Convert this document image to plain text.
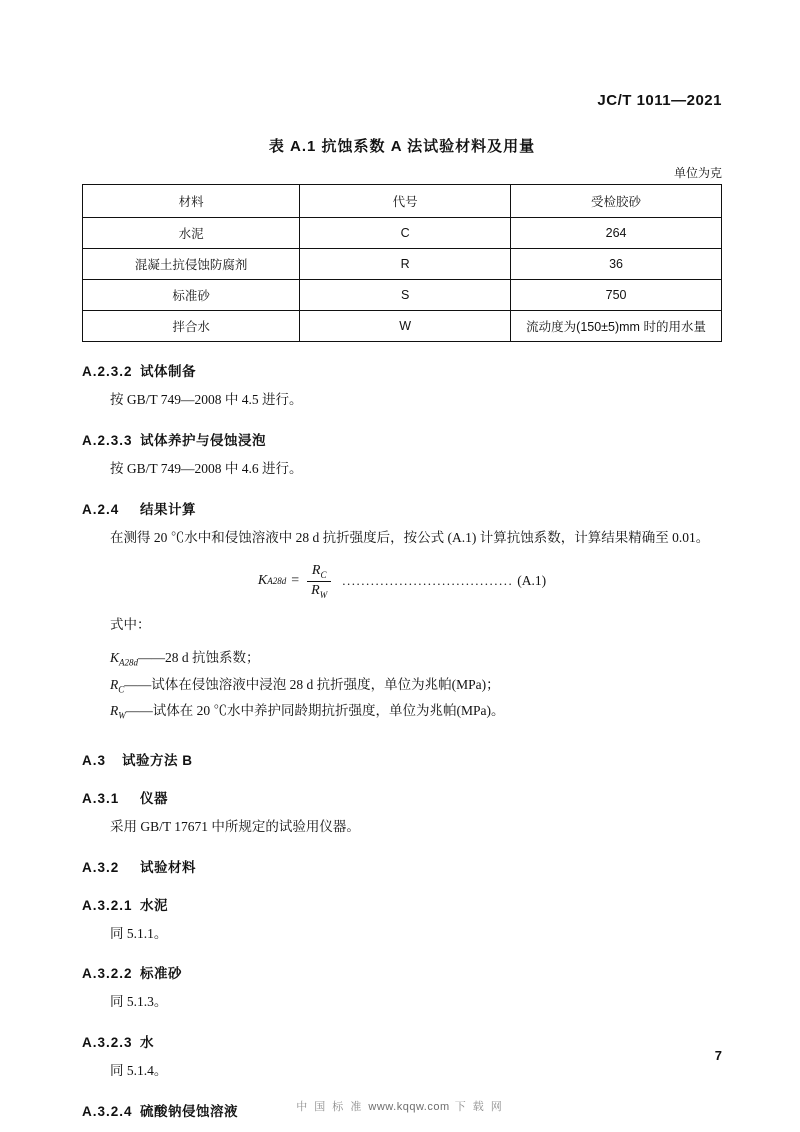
JC/T 1011—2021
表 A.1 抗蚀系数 A 法试验材料及用量
单位为克
材料	代号	受检胶砂
水泥	C	264
混凝土抗侵蚀防腐剂	R	36
标准砂	S	750
拌合水	W	流动度为(150±5)mm 时的用水量
A.2.3.2 试体制备

按 GB/T 749—2008 中 4.5 进行。

A.2.3.3 试体养护与侵蚀浸泡

按 GB/T 749—2008 中 4.6 进行。

A.2.4 结果计算

在测得 20 ℃水中和侵蚀溶液中 28 d 抗折强度后，按公式 (A.1) 计算抗蚀系数，计算结果精确至 0.01。

K $A28d = \frac{R_C}{R_W}$ .................................... (A.1)

式中：

$K_{A28d}——28$ d 抗蚀系数；
$R_C——$试体在侵蚀溶液中浸泡 28 d 抗折强度，单位为兆帕(MPa)；
$R_W——$试体在 20 ℃水中养护同龄期抗折强度，单位为兆帕(MPa)。
A.3 试验方法 B
A.3.1 仪器

采用 GB/T 17671 中所规定的试验用仪器。

A.3.2 试验材料
A.3.2.1 水泥

同 5.1.1。

A.3.2.2 标准砂

同 5.1.3。

A.3.2.3 水

同 5.1.4。

A.3.2.4 硫酸钠侵蚀溶液
7
中 国 标 准 www.kqqw.com 下 载 网
